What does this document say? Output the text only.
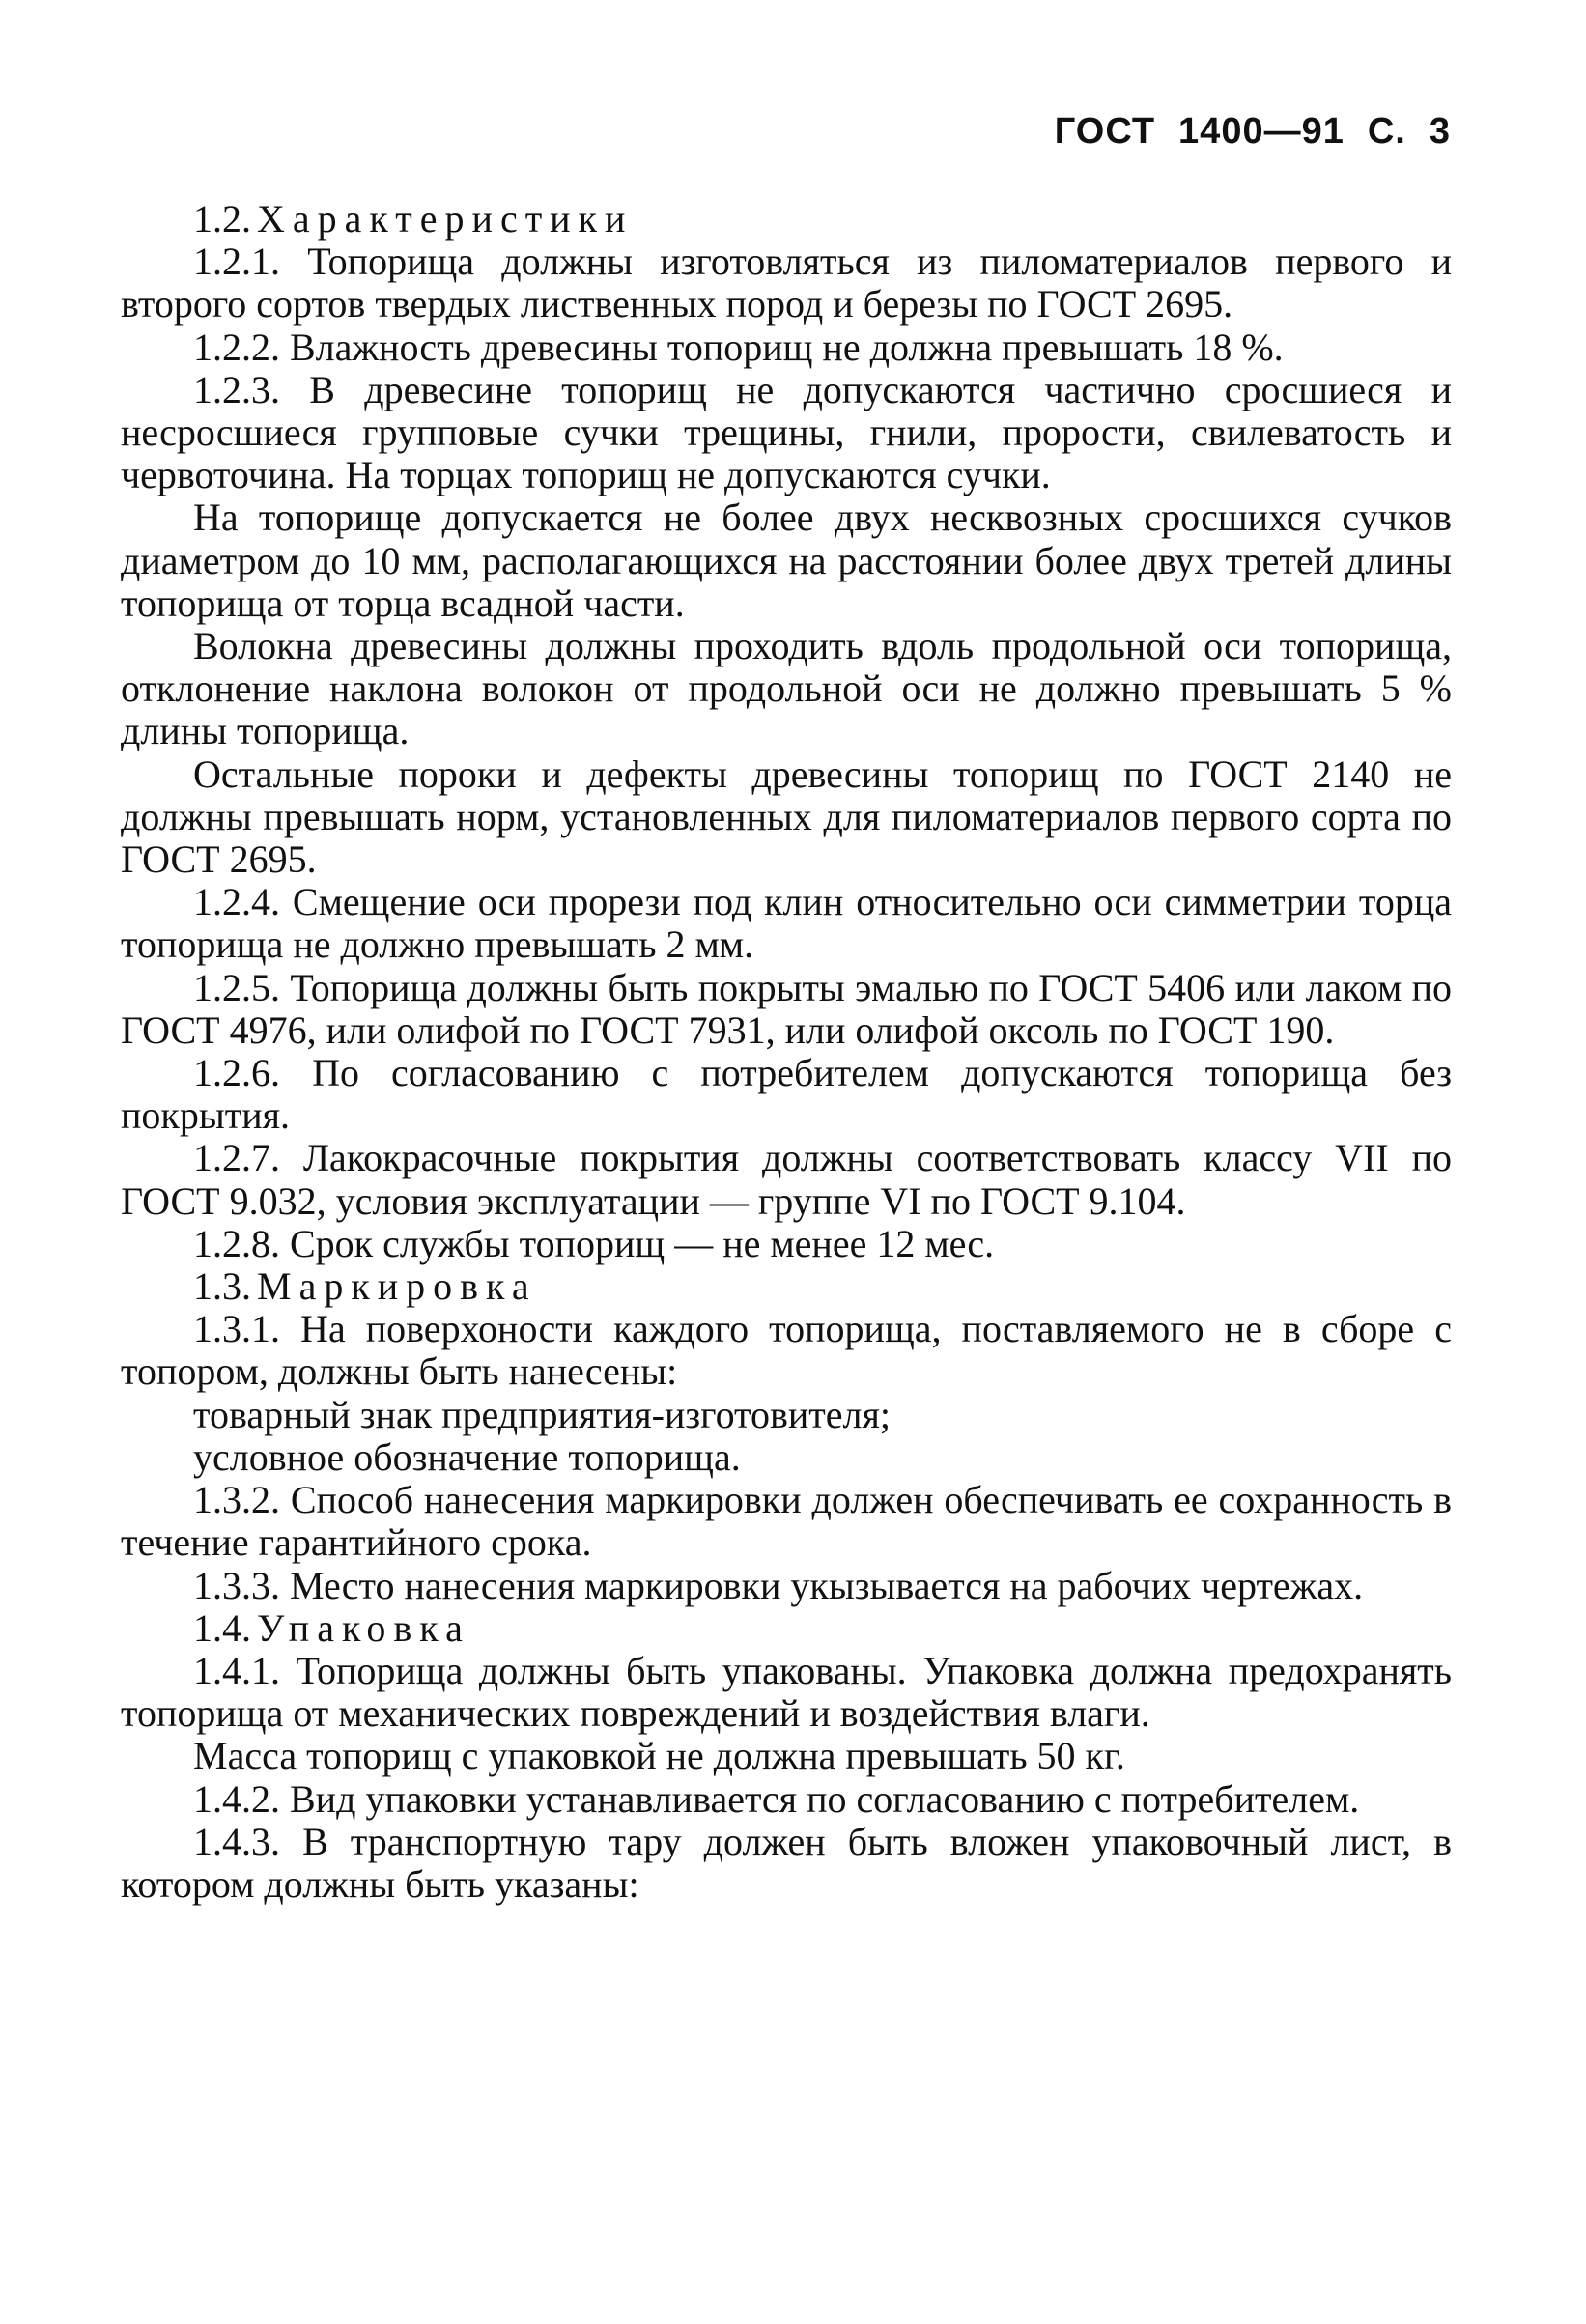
ГОСТ 1400—91 С. 3

1.2. Характеристики

1.2.1. Топорища должны изготовляться из пиломатериалов первого и второго сортов твердых лиственных пород и березы по ГОСТ 2695.

1.2.2. Влажность древесины топорищ не должна превышать 18 %.

1.2.3. В древесине топорищ не допускаются частично сросшиеся и несросшиеся групповые сучки трещины, гнили, прорости, свилеватость и червоточина. На торцах топорищ не допускаются сучки.

На топорище допускается не более двух несквозных сросшихся сучков диаметром до 10 мм, располагающихся на расстоянии более двух третей длины топорища от торца всадной части.

Волокна древесины должны проходить вдоль продольной оси топорища, отклонение наклона волокон от продольной оси не должно превышать 5 % длины топорища.

Остальные пороки и дефекты древесины топорищ по ГОСТ 2140 не должны превышать норм, установленных для пиломатериалов первого сорта по ГОСТ 2695.

1.2.4. Смещение оси прорези под клин относительно оси симметрии торца топорища не должно превышать 2 мм.

1.2.5. Топорища должны быть покрыты эмалью по ГОСТ 5406 или лаком по ГОСТ 4976, или олифой по ГОСТ 7931, или олифой оксоль по ГОСТ 190.

1.2.6. По согласованию с потребителем допускаются топорища без покрытия.

1.2.7. Лакокрасочные покрытия должны соответствовать классу VII по ГОСТ 9.032, условия эксплуатации — группе VI по ГОСТ 9.104.

1.2.8. Срок службы топорищ — не менее 12 мес.

1.3. Маркировка

1.3.1. На поверхоности каждого топорища, поставляемого не в сборе с топором, должны быть нанесены:

товарный знак предприятия-изготовителя;

условное обозначение топорища.

1.3.2. Способ нанесения маркировки должен обеспечивать ее сохранность в течение гарантийного срока.

1.3.3. Место нанесения маркировки укызывается на рабочих чертежах.

1.4. Упаковка

1.4.1. Топорища должны быть упакованы. Упаковка должна предохранять топорища от механических повреждений и воздействия влаги.

Масса топорищ с упаковкой не должна превышать 50 кг.

1.4.2. Вид упаковки устанавливается по согласованию с потребителем.

1.4.3. В транспортную тару должен быть вложен упаковочный лист, в котором должны быть указаны:
